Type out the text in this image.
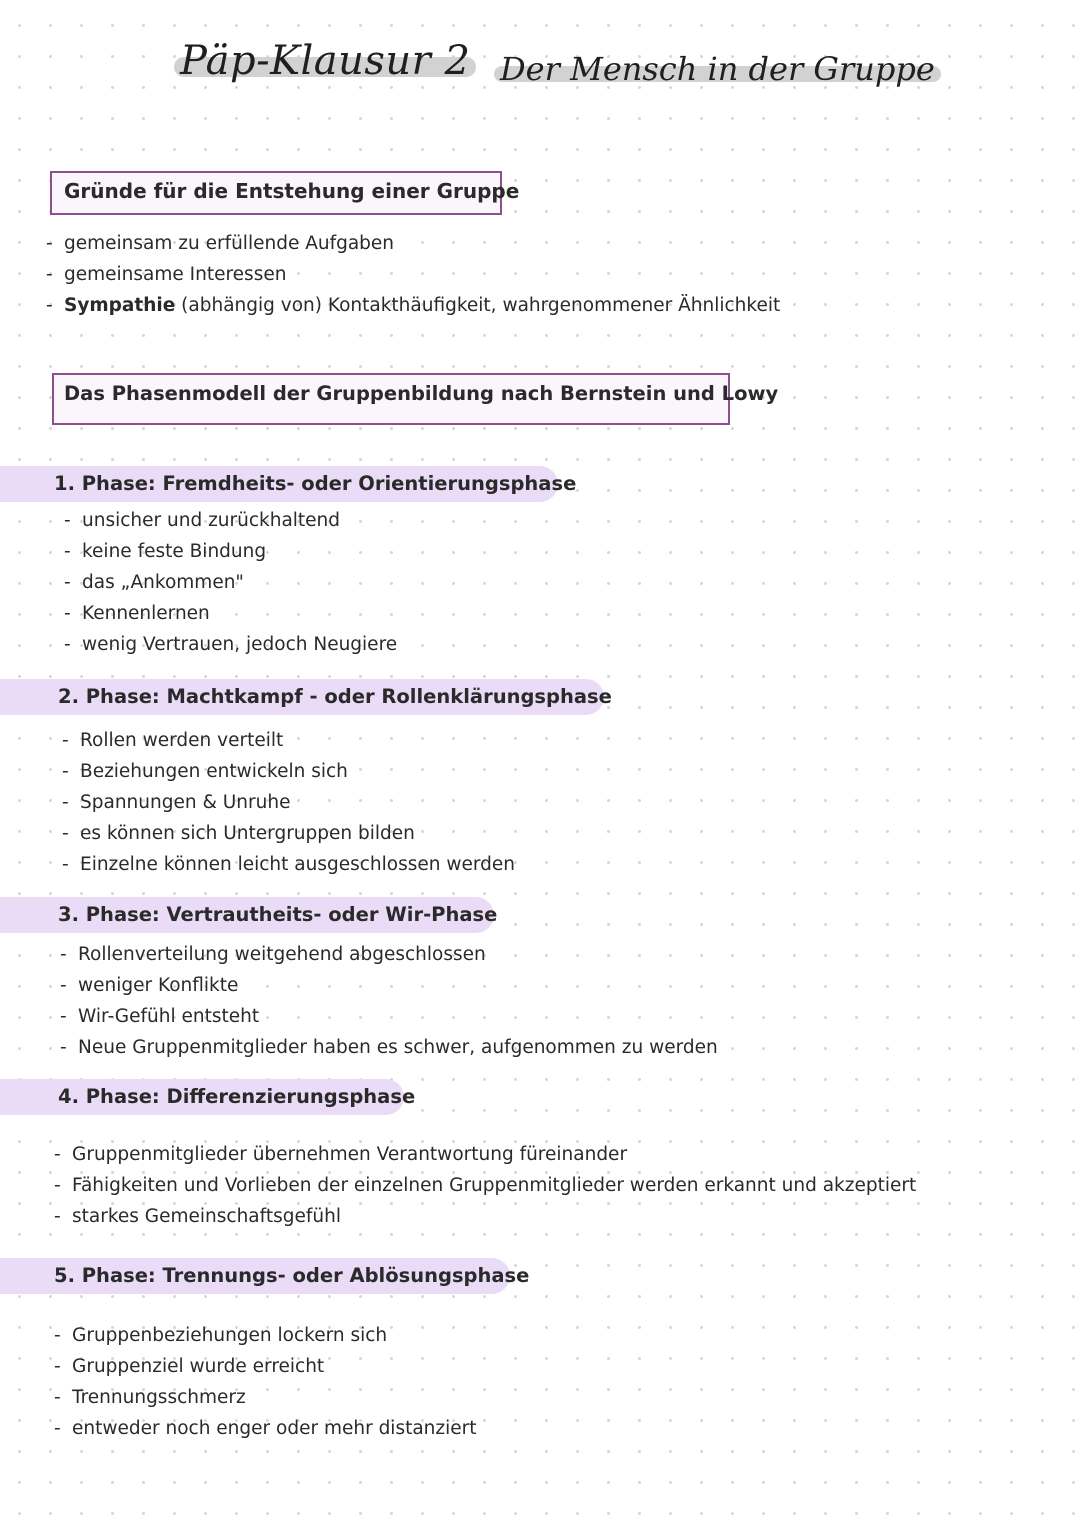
Päp-Klausur 2 Der Mensch in der Gruppe
Gründe für die Entstehung einer Gruppe
- gemeinsam zu erfüllende Aufgaben
- gemeinsame Interessen
- Sympathie (abhängig von) Kontakthäufigkeit, wahrgenommener Ähnlichkeit
Das Phasenmodell der Gruppenbildung nach Bernstein und Lowy
1. Phase: Fremdheits- oder Orientierungsphase
- unsicher und zurückhaltend
- keine feste Bindung
- das „Ankommen"
- Kennenlernen
- wenig Vertrauen, jedoch Neugiere
2. Phase: Machtkampf - oder Rollenklärungsphase
- Rollen werden verteilt
- Beziehungen entwickeln sich
- Spannungen & Unruhe
- es können sich Untergruppen bilden
- Einzelne können leicht ausgeschlossen werden
3. Phase: Vertrautheits- oder Wir-Phase
- Rollenverteilung weitgehend abgeschlossen
- weniger Konflikte
- Wir-Gefühl entsteht
- Neue Gruppenmitglieder haben es schwer, aufgenommen zu werden
4. Phase: Differenzierungsphase
- Gruppenmitglieder übernehmen Verantwortung füreinander
- Fähigkeiten und Vorlieben der einzelnen Gruppenmitglieder werden erkannt und akzeptiert
- starkes Gemeinschaftsgefühl
5. Phase: Trennungs- oder Ablösungsphase
- Gruppenbeziehungen lockern sich
- Gruppenziel wurde erreicht
- Trennungsschmerz
- entweder noch enger oder mehr distanziert
